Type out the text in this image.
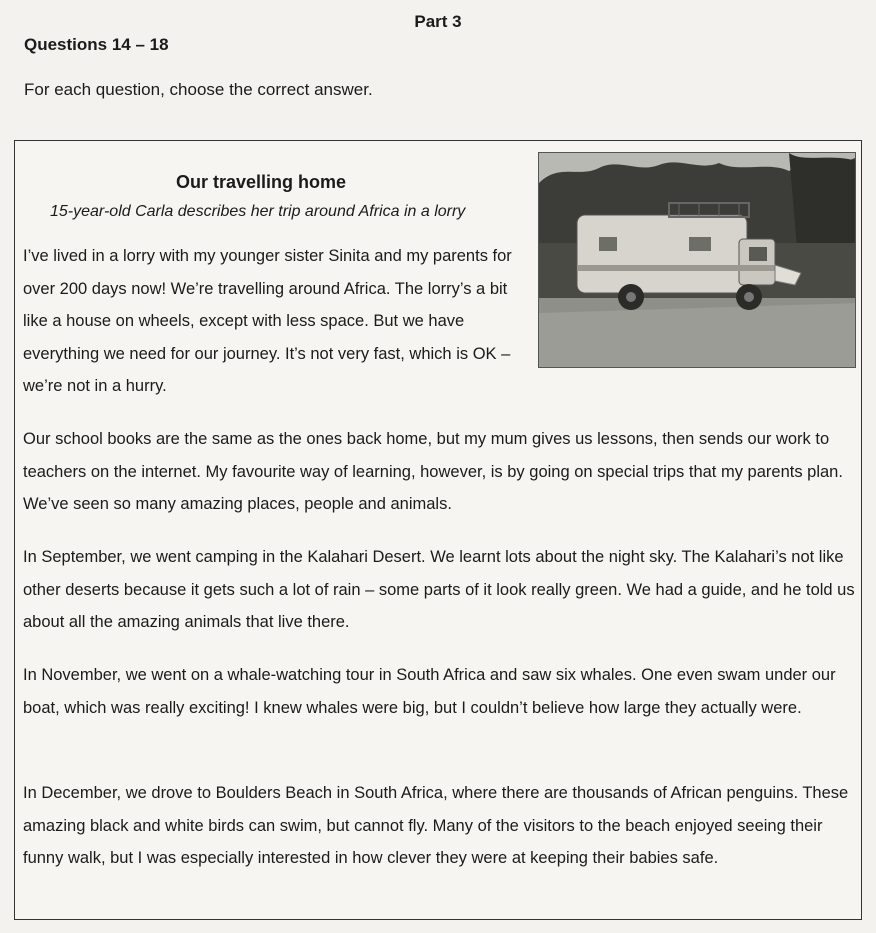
Part 3
Questions 14 – 18
For each question, choose the correct answer.
Our travelling home
15-year-old Carla describes her trip around Africa in a lorry

I’ve lived in a lorry with my younger sister Sinita and my parents for over 200 days now! We’re travelling around Africa. The lorry’s a bit like a house on wheels, except with less space. But we have everything we need for our journey. It’s not very fast, which is OK – we’re not in a hurry.

Our school books are the same as the ones back home, but my mum gives us lessons, then sends our work to teachers on the internet. My favourite way of learning, however, is by going on special trips that my parents plan. We’ve seen so many amazing places, people and animals.

In September, we went camping in the Kalahari Desert. We learnt lots about the night sky. The Kalahari’s not like other deserts because it gets such a lot of rain – some parts of it look really green. We had a guide, and he told us about all the amazing animals that live there.

In November, we went on a whale-watching tour in South Africa and saw six whales. One even swam under our boat, which was really exciting! I knew whales were big, but I couldn’t believe how large they actually were.

In December, we drove to Boulders Beach in South Africa, where there are thousands of African penguins. These amazing black and white birds can swim, but cannot fly. Many of the visitors to the beach enjoyed seeing their funny walk, but I was especially interested in how clever they were at keeping their babies safe.
